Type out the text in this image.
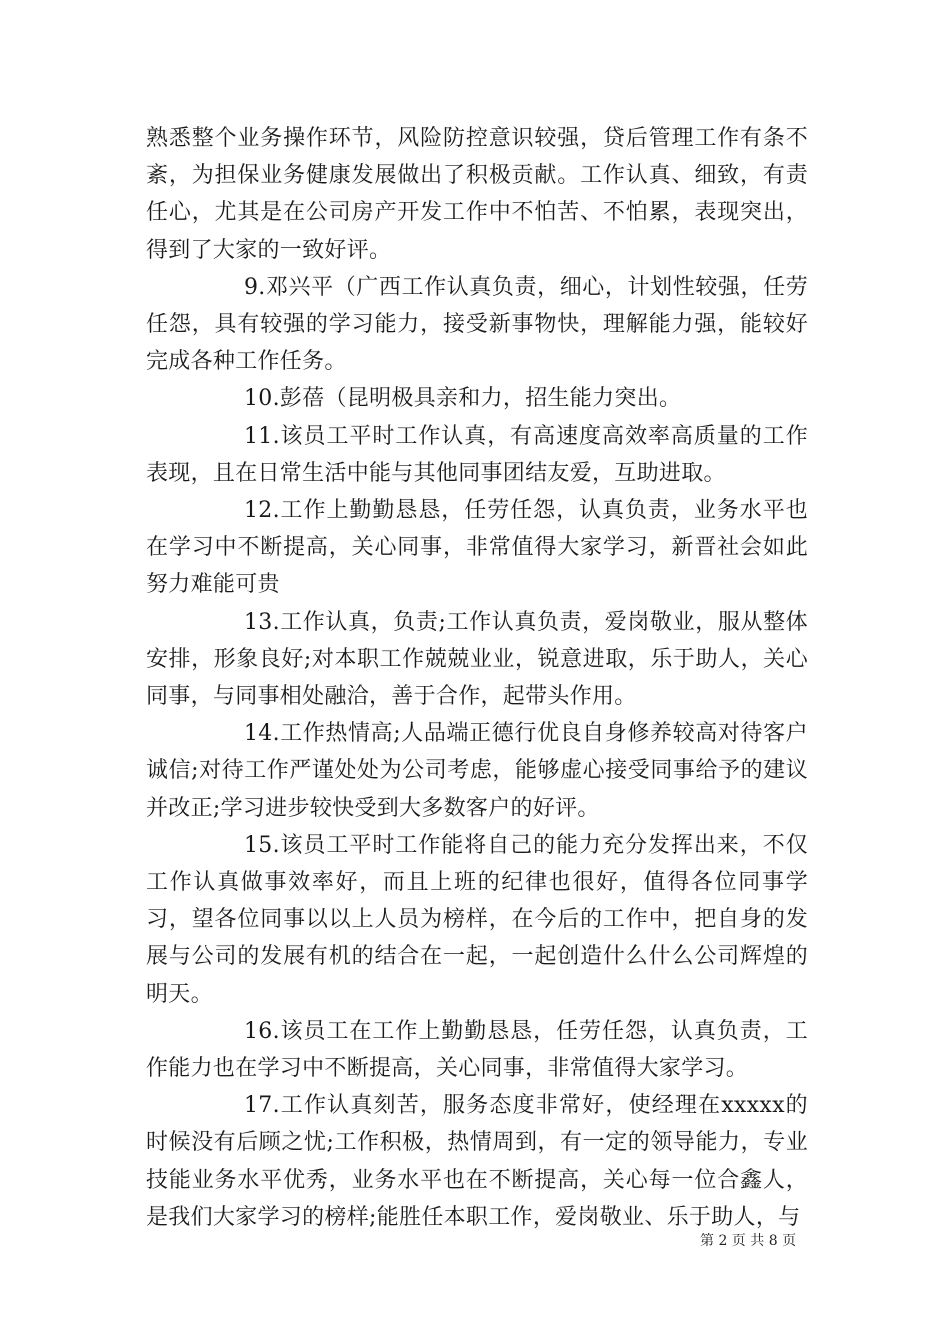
熟悉整个业务操作环节，风险防控意识较强，贷后管理工作有条不紊，为担保业务健康发展做出了积极贡献。工作认真、细致，有责任心，尤其是在公司房产开发工作中不怕苦、不怕累，表现突出，得到了大家的一致好评。

9.邓兴平（广西工作认真负责，细心，计划性较强，任劳任怨，具有较强的学习能力，接受新事物快，理解能力强，能较好完成各种工作任务。

10.彭蓓（昆明极具亲和力，招生能力突出。

11.该员工平时工作认真，有高速度高效率高质量的工作表现，且在日常生活中能与其他同事团结友爱，互助进取。

12.工作上勤勤恳恳，任劳任怨，认真负责，业务水平也在学习中不断提高，关心同事，非常值得大家学习，新晋社会如此努力难能可贵

13.工作认真，负责;工作认真负责，爱岗敬业，服从整体安排，形象良好;对本职工作兢兢业业，锐意进取，乐于助人，关心同事，与同事相处融洽，善于合作，起带头作用。

14.工作热情高;人品端正德行优良自身修养较高对待客户诚信;对待工作严谨处处为公司考虑，能够虚心接受同事给予的建议并改正;学习进步较快受到大多数客户的好评。

15.该员工平时工作能将自己的能力充分发挥出来，不仅工作认真做事效率好，而且上班的纪律也很好，值得各位同事学习，望各位同事以以上人员为榜样，在今后的工作中，把自身的发展与公司的发展有机的结合在一起，一起创造什么什么公司辉煌的明天。

16.该员工在工作上勤勤恳恳，任劳任怨，认真负责，工作能力也在学习中不断提高，关心同事，非常值得大家学习。

17.工作认真刻苦，服务态度非常好，使经理在xxxxx的时候没有后顾之忧;工作积极，热情周到，有一定的领导能力，专业技能业务水平优秀，业务水平也在不断提高，关心每一位合鑫人，是我们大家学习的榜样;能胜任本职工作，爱岗敬业、乐于助人，与

第 2 页 共 8 页
